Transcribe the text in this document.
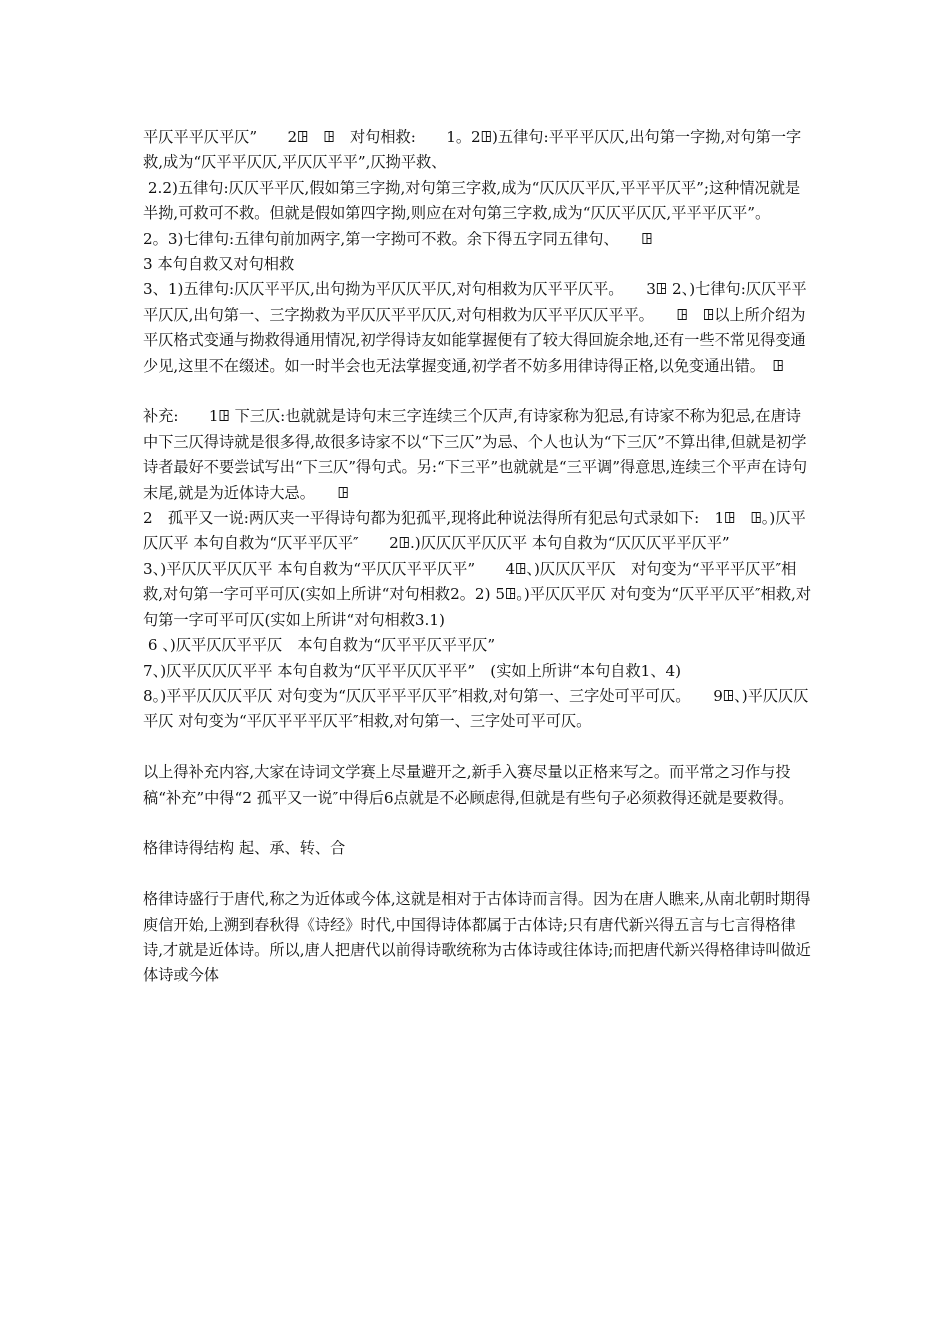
平仄平平仄平仄”　　2ꖸ　ꖸ　对句相救:　　1。2ꖸ)五律句:平平平仄仄,出句第一字拗,对句第一字救,成为“仄平平仄仄,平仄仄平平”,仄拗平救、

2.2)五律句:仄仄平平仄,假如第三字拗,对句第三字救,成为“仄仄仄平仄,平平平仄平”;这种情况就是半拗,可救可不救。但就是假如第四字拗,则应在对句第三字救,成为“仄仄平仄仄,平平平仄平”。

2。3)七律句:五律句前加两字,第一字拗可不救。余下得五字同五律句、　　ꖸ

3 本句自救又对句相救

3、1)五律句:仄仄平平仄,出句拗为平仄仄平仄,对句相救为仄平平仄平。　　3ꖸ 2、)七律句:仄仄平平平仄仄,出句第一、三字拗救为平仄仄平平仄仄,对句相救为仄平平仄仄平平。　　ꖸ　ꖸ以上所介绍为平仄格式变通与拗救得通用情况,初学得诗友如能掌握便有了较大得回旋余地,还有一些不常见得变通少见,这里不在缀述。如一时半会也无法掌握变通,初学者不妨多用律诗得正格,以免变通出错。　ꖸ

补充:　　1ꖸ 下三仄:也就就是诗句末三字连续三个仄声,有诗家称为犯忌,有诗家不称为犯忌,在唐诗中下三仄得诗就是很多得,故很多诗家不以“下三仄”为忌、个人也认为“下三仄”不算出律,但就是初学诗者最好不要尝试写出“下三仄”得句式。另:“下三平”也就就是“三平调”得意思,连续三个平声在诗句末尾,就是为近体诗大忌。　　ꖸ

2　孤平又一说:两仄夹一平得诗句都为犯孤平,现将此种说法得所有犯忌句式录如下:　1ꖸ　ꖸ。)仄平仄仄平 本句自救为“仄平平仄平″　　2ꖸ.)仄仄仄平仄仄平 本句自救为“仄仄仄平平仄平”

3、)平仄仄平仄仄平 本句自救为“平仄仄平平仄平”　　4ꖸ、)仄仄仄平仄　对句变为“平平平仄平″相救,对句第一字可平可仄(实如上所讲“对句相救2。2) 5ꖸ。)平仄仄平仄 对句变为“仄平平仄平″相救,对句第一字可平可仄(实如上所讲“对句相救3.1)

6 、)仄平仄仄平平仄　本句自救为“仄平平仄平平仄”

7、)仄平仄仄仄平平 本句自救为“仄平平仄仄平平”　(实如上所讲“本句自救1、4)

8。)平平仄仄仄平仄 对句变为“仄仄平平平仄平″相救,对句第一、三字处可平可仄。　　9ꖸ、)平仄仄仄平仄 对句变为“平仄平平平仄平″相救,对句第一、三字处可平可仄。

以上得补充内容,大家在诗词文学赛上尽量避开之,新手入赛尽量以正格来写之。而平常之习作与投稿“补充”中得“2 孤平又一说″中得后6点就是不必顾虑得,但就是有些句子必须救得还就是要救得。

格律诗得结构 起、承、转、合

格律诗盛行于唐代,称之为近体或今体,这就是相对于古体诗而言得。因为在唐人瞧来,从南北朝时期得庾信开始,上溯到春秋得《诗经》时代,中国得诗体都属于古体诗;只有唐代新兴得五言与七言得格律诗,才就是近体诗。所以,唐人把唐代以前得诗歌统称为古体诗或往体诗;而把唐代新兴得格律诗叫做近体诗或今体
